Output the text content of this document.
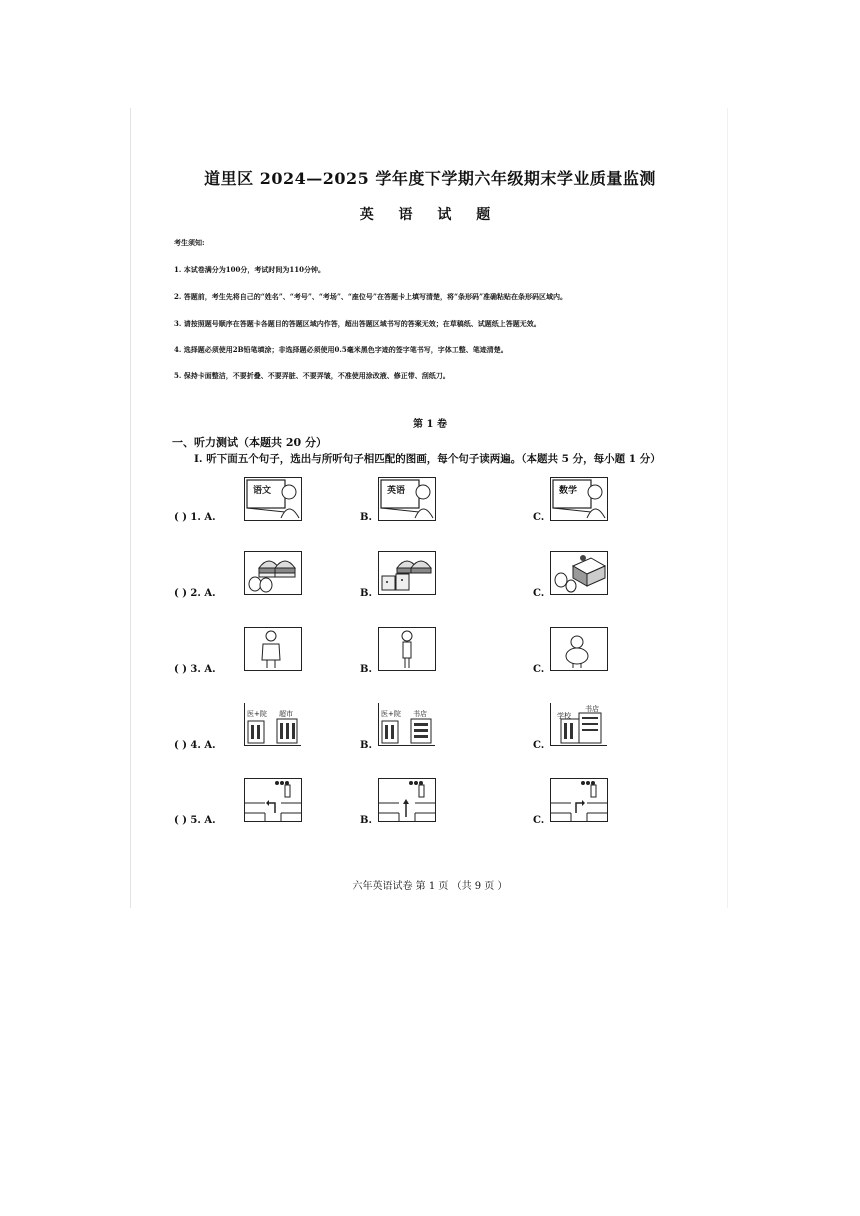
道里区 2024—2025 学年度下学期六年级期末学业质量监测
英 语 试 题
考生须知:
1. 本试卷满分为100分，考试时间为110分钟。
2. 答题前，考生先将自己的“姓名”、“考号”、“考场”、“座位号”在答题卡上填写清楚，将“条形码”准确粘贴在条形码区域内。
3. 请按照题号顺序在答题卡各题目的答题区域内作答，超出答题区域书写的答案无效；在草稿纸、试题纸上答题无效。
4. 选择题必须使用2B铅笔填涂；非选择题必须使用0.5毫米黑色字迹的签字笔书写，字体工整、笔迹清楚。
5. 保持卡面整洁，不要折叠、不要弄脏、不要弄皱，不准使用涂改液、修正带、刮纸刀。
第 1 卷
一、听力测试（本题共 20 分）
I. 听下面五个句子，选出与所听句子相匹配的图画，每个句子读两遍。（本题共 5 分，每小题 1 分）
( ) 1. A.	B.	C.
语文	英语	数学
( ) 2. A.	B.	C.
( ) 3. A.	B.	C.
( ) 4. A.	B.	C.
医+院 超市	医+院 书店	学校
书店
( ) 5. A.	B.	C.
六年英语试卷 第 1 页 （共 9 页 ）
